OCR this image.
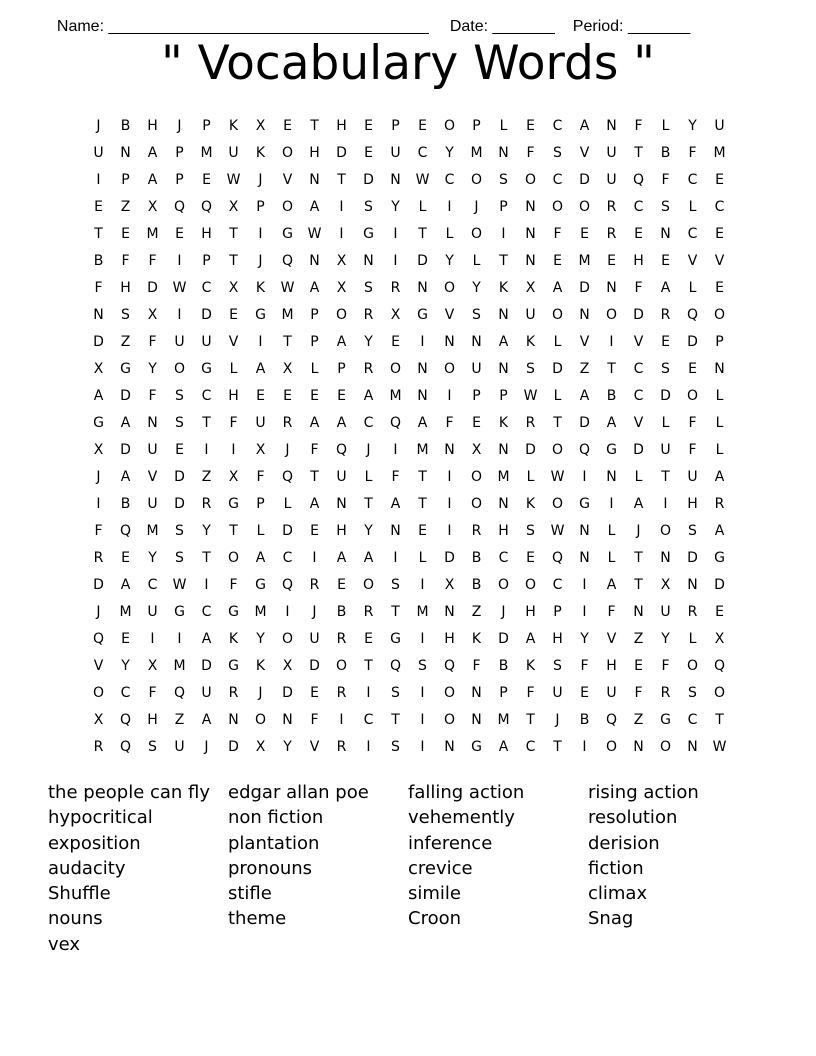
Name: ____________________________________ Date: _______ Period: _______

" Vocabulary Words "
J	B	H	J	P	K	X	E	T	H	E	P	E	O	P	L	E	C	A	N	F	L	Y	U
U	N	A	P	M	U	K	O	H	D	E	U	C	Y	M	N	F	S	V	U	T	B	F	M
I	P	A	P	E	W	J	V	N	T	D	N	W	C	O	S	O	C	D	U	Q	F	C	E
E	Z	X	Q	Q	X	P	O	A	I	S	Y	L	I	J	P	N	O	O	R	C	S	L	C
T	E	M	E	H	T	I	G	W	I	G	I	T	L	O	I	N	F	E	R	E	N	C	E
B	F	F	I	P	T	J	Q	N	X	N	I	D	Y	L	T	N	E	M	E	H	E	V	V
F	H	D	W	C	X	K	W	A	X	S	R	N	O	Y	K	X	A	D	N	F	A	L	E
N	S	X	I	D	E	G	M	P	O	R	X	G	V	S	N	U	O	N	O	D	R	Q	O
D	Z	F	U	U	V	I	T	P	A	Y	E	I	N	N	A	K	L	V	I	V	E	D	P
X	G	Y	O	G	L	A	X	L	P	R	O	N	O	U	N	S	D	Z	T	C	S	E	N
A	D	F	S	C	H	E	E	E	E	A	M	N	I	P	P	W	L	A	B	C	D	O	L
G	A	N	S	T	F	U	R	A	A	C	Q	A	F	E	K	R	T	D	A	V	L	F	L
X	D	U	E	I	I	X	J	F	Q	J	I	M	N	X	N	D	O	Q	G	D	U	F	L
J	A	V	D	Z	X	F	Q	T	U	L	F	T	I	O	M	L	W	I	N	L	T	U	A
I	B	U	D	R	G	P	L	A	N	T	A	T	I	O	N	K	O	G	I	A	I	H	R
F	Q	M	S	Y	T	L	D	E	H	Y	N	E	I	R	H	S	W	N	L	J	O	S	A
R	E	Y	S	T	O	A	C	I	A	A	I	L	D	B	C	E	Q	N	L	T	N	D	G
D	A	C	W	I	F	G	Q	R	E	O	S	I	X	B	O	O	C	I	A	T	X	N	D
J	M	U	G	C	G	M	I	J	B	R	T	M	N	Z	J	H	P	I	F	N	U	R	E
Q	E	I	I	A	K	Y	O	U	R	E	G	I	H	K	D	A	H	Y	V	Z	Y	L	X
V	Y	X	M	D	G	K	X	D	O	T	Q	S	Q	F	B	K	S	F	H	E	F	O	Q
O	C	F	Q	U	R	J	D	E	R	I	S	I	O	N	P	F	U	E	U	F	R	S	O
X	Q	H	Z	A	N	O	N	F	I	C	T	I	O	N	M	T	J	B	Q	Z	G	C	T
R	Q	S	U	J	D	X	Y	V	R	I	S	I	N	G	A	C	T	I	O	N	O	N	W
the people can fly
hypocritical
exposition
audacity
Shuffle
nouns
vex
edgar allan poe
non fiction
plantation
pronouns
stifle
theme
falling action
vehemently
inference
crevice
simile
Croon
rising action
resolution
derision
fiction
climax
Snag
